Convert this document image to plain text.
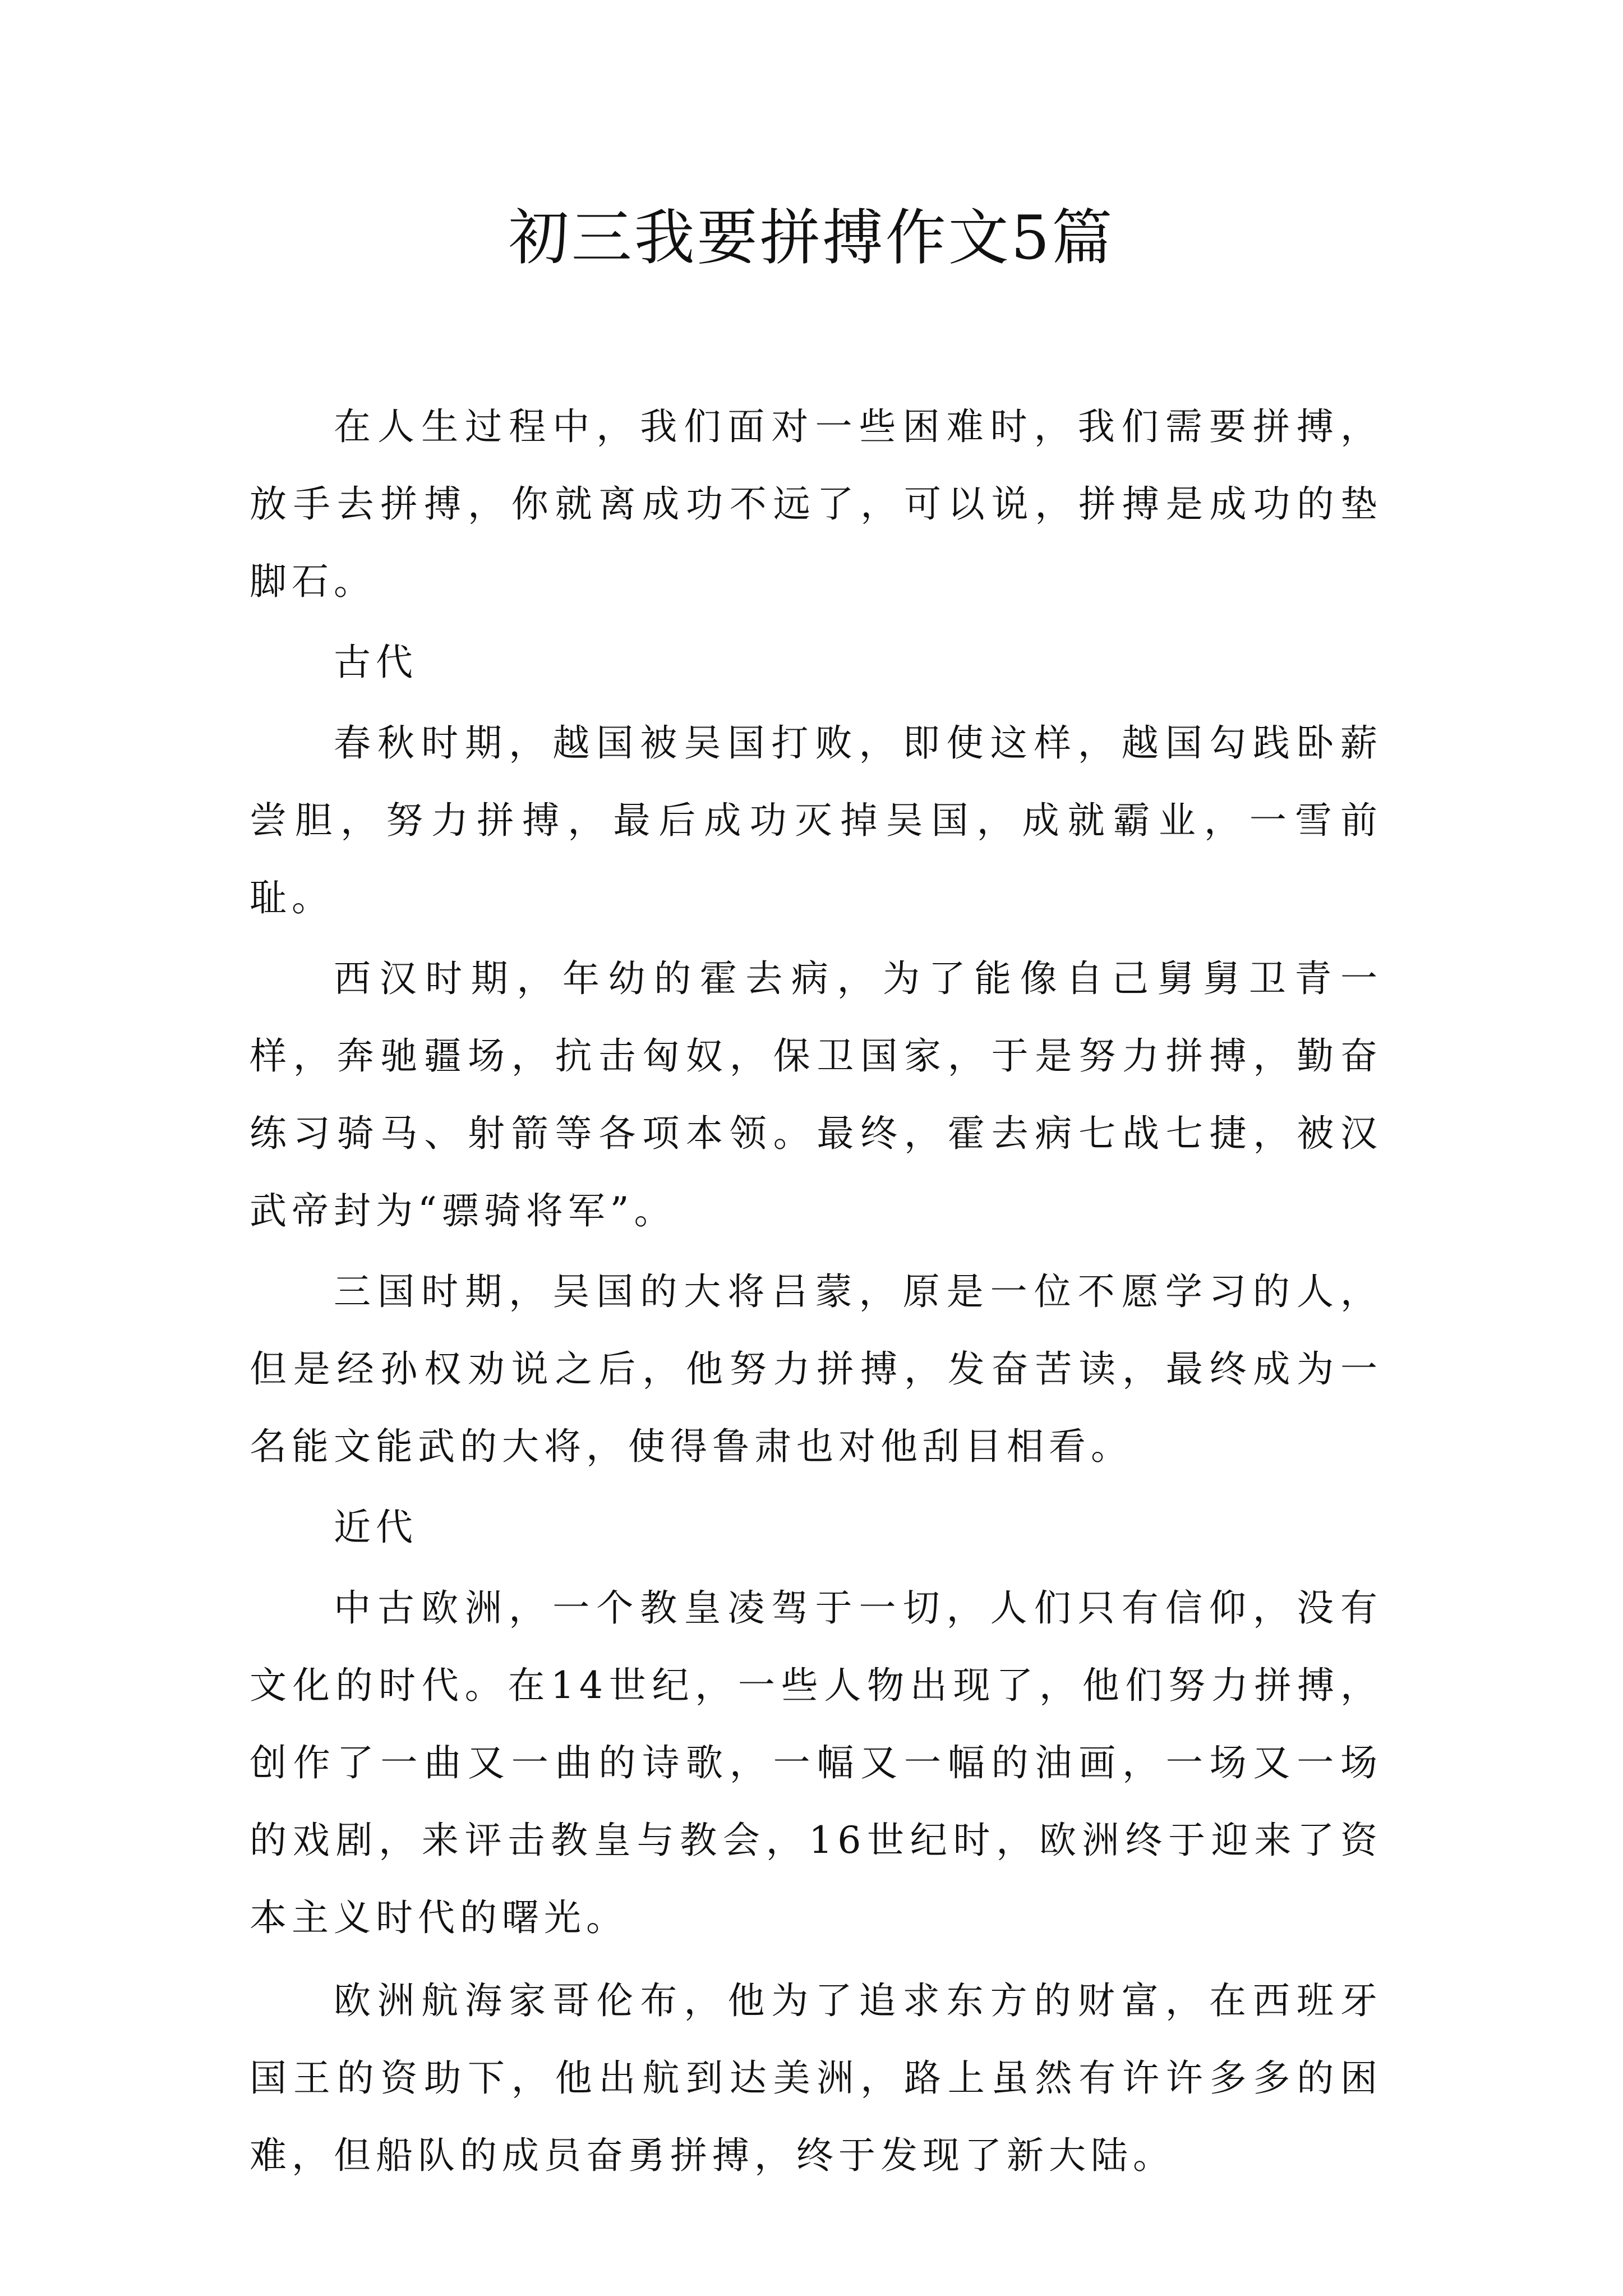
初三我要拼搏作文5篇

在人生过程中，我们面对一些困难时，我们需要拼搏，放手去拼搏，你就离成功不远了，可以说，拼搏是成功的垫脚石。

古代

春秋时期，越国被吴国打败，即使这样，越国勾践卧薪尝胆，努力拼搏，最后成功灭掉吴国，成就霸业，一雪前耻。

西汉时期，年幼的霍去病，为了能像自己舅舅卫青一样，奔驰疆场，抗击匈奴，保卫国家，于是努力拼搏，勤奋练习骑马、射箭等各项本领。最终，霍去病七战七捷，被汉武帝封为“骠骑将军”。

三国时期，吴国的大将吕蒙，原是一位不愿学习的人，但是经孙权劝说之后，他努力拼搏，发奋苦读，最终成为一名能文能武的大将，使得鲁肃也对他刮目相看。

近代

中古欧洲，一个教皇凌驾于一切，人们只有信仰，没有文化的时代。在14世纪，一些人物出现了，他们努力拼搏，创作了一曲又一曲的诗歌，一幅又一幅的油画，一场又一场的戏剧，来评击教皇与教会，16世纪时，欧洲终于迎来了资本主义时代的曙光。

欧洲航海家哥伦布，他为了追求东方的财富，在西班牙国王的资助下，他出航到达美洲，路上虽然有许许多多的困难，但船队的成员奋勇拼搏，终于发现了新大陆。
